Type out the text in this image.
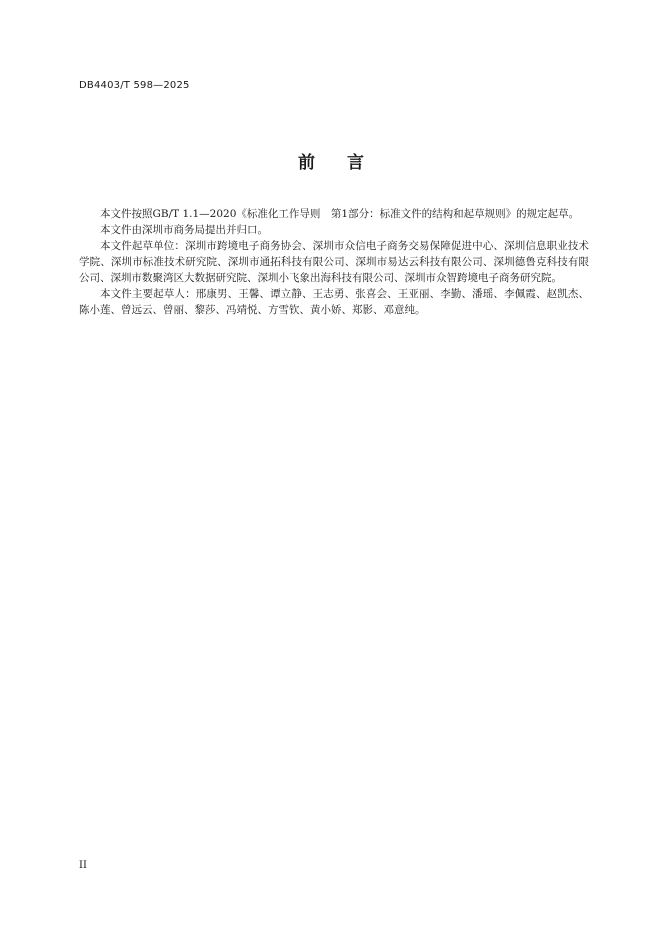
DB4403/T 598—2025
前言

本文件按照GB/T 1.1—2020《标准化工作导则　第1部分：标准文件的结构和起草规则》的规定起草。

本文件由深圳市商务局提出并归口。

本文件起草单位：深圳市跨境电子商务协会、深圳市众信电子商务交易保障促进中心、深圳信息职业技术学院、深圳市标准技术研究院、深圳市通拓科技有限公司、深圳市易达云科技有限公司、深圳德鲁克科技有限公司、深圳市数聚湾区大数据研究院、深圳小飞象出海科技有限公司、深圳市众智跨境电子商务研究院。

本文件主要起草人：邢康男、王馨、谭立静、王志勇、张喜会、王亚丽、李勤、潘瑶、李佩霞、赵凯杰、陈小莲、曾远云、曾丽、黎莎、冯靖悦、方雪钦、黄小娇、郑影、邓意纯。

II
